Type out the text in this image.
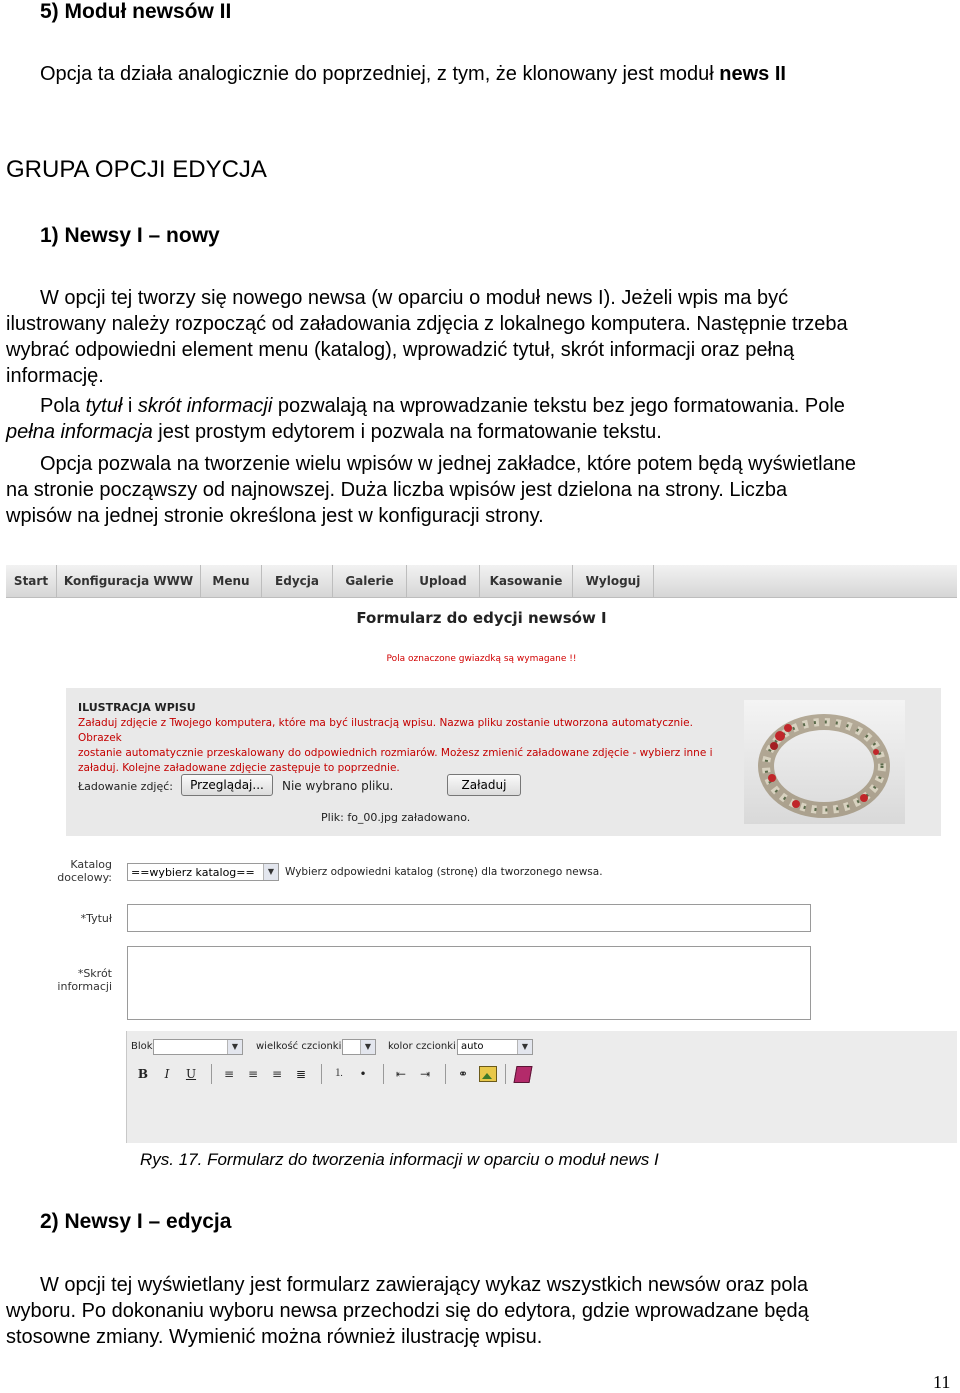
5) Moduł newsów II

Opcja ta działa analogicznie do poprzedniej, z tym, że klonowany jest moduł news II

GRUPA OPCJI EDYCJA
1) Newsy I – nowy
W opcji tej tworzy się nowego newsa (w oparciu o moduł news I). Jeżeli wpis ma być
ilustrowany należy rozpocząć od załadowania zdjęcia z lokalnego komputera. Następnie trzeba
wybrać odpowiedni element menu (katalog), wprowadzić tytuł, skrót informacji oraz pełną
informację.
Pola tytuł i skrót informacji pozwalają na wprowadzanie tekstu bez jego formatowania. Pole
pełna informacja jest prostym edytorem i pozwala na formatowanie tekstu.
Opcja pozwala na tworzenie wielu wpisów w jednej zakładce, które potem będą wyświetlane
na stronie począwszy od najnowszej. Duża liczba wpisów jest dzielona na strony. Liczba
wpisów na jednej stronie określona jest w konfiguracji strony.
Start	Konfiguracja WWW	Menu	Edycja	Galerie	Upload	Kasowanie	Wyloguj
Formularz do edycji newsów I
Pola oznaczone gwiazdką są wymagane !!
ILUSTRACJA WPISU
Załaduj zdjęcie z Twojego komputera, które ma być ilustracją wpisu. Nazwa pliku zostanie utworzona automatycznie. Obrazek
zostanie automatycznie przeskalowany do odpowiednich rozmiarów. Możesz zmienić załadowane zdjęcie - wybierz inne i
załaduj. Kolejne załadowane zdjęcie zastępuje to poprzednie.
Ładowanie zdjęć:	Przeglądaj...	Nie wybrano pliku.	Załaduj
Plik: fo_00.jpg załadowano.
Katalog docelowy:	==wybierz katalog==	▼	Wybierz odpowiedni katalog (stronę) dla tworzonego newsa.
*Tytuł
*Skrót informacji
Blok	▼	wielkość czcionki	▼	kolor czcionki auto	▼
B	I	U	≡	≡	≡	≣	⒈	•	⇤	⇥	⚭
Rys. 17. Formularz do tworzenia informacji w oparciu o moduł news I
2) Newsy I – edycja
W opcji tej wyświetlany jest formularz zawierający wykaz wszystkich newsów oraz pola
wyboru. Po dokonaniu wyboru newsa przechodzi się do edytora, gdzie wprowadzane będą
stosowne zmiany. Wymienić można również ilustrację wpisu.
11
